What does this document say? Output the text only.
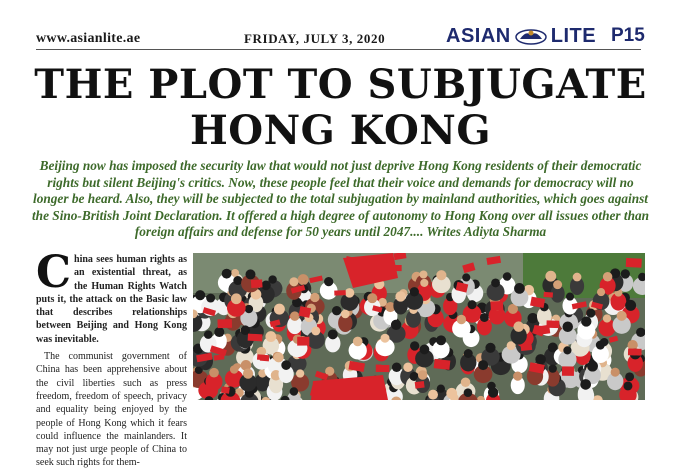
www.asianlite.ae	FRIDAY, JULY 3, 2020	ASIAN LITE P15
THE PLOT TO SUBJUGATE
HONG KONG

Beijing now has imposed the security law that would not just deprive Hong Kong residents of their democratic rights but silent Beijing's critics. Now, these people feel that their voice and demands for democracy will no longer be heard. Also, they will be subjected to the total subjugation by mainland authorities, which goes against the Sino-British Joint Declaration. It offered a high degree of autonomy to Hong Kong over all issues other than foreign affairs and defense for 50 years until 2047.... Writes Adiyta Sharma

China sees human rights as an existential threat, as the Human Rights Watch puts it, the attack on the Basic law that describes relationships between Beijing and Hong Kong was inevitable.

The communist government of China has been apprehensive about the civil liberties such as press freedom, freedom of speech, privacy and equality being enjoyed by the people of Hong Kong which it fears could influence the mainlanders. It may not just urge people of China to seek such rights for them-
